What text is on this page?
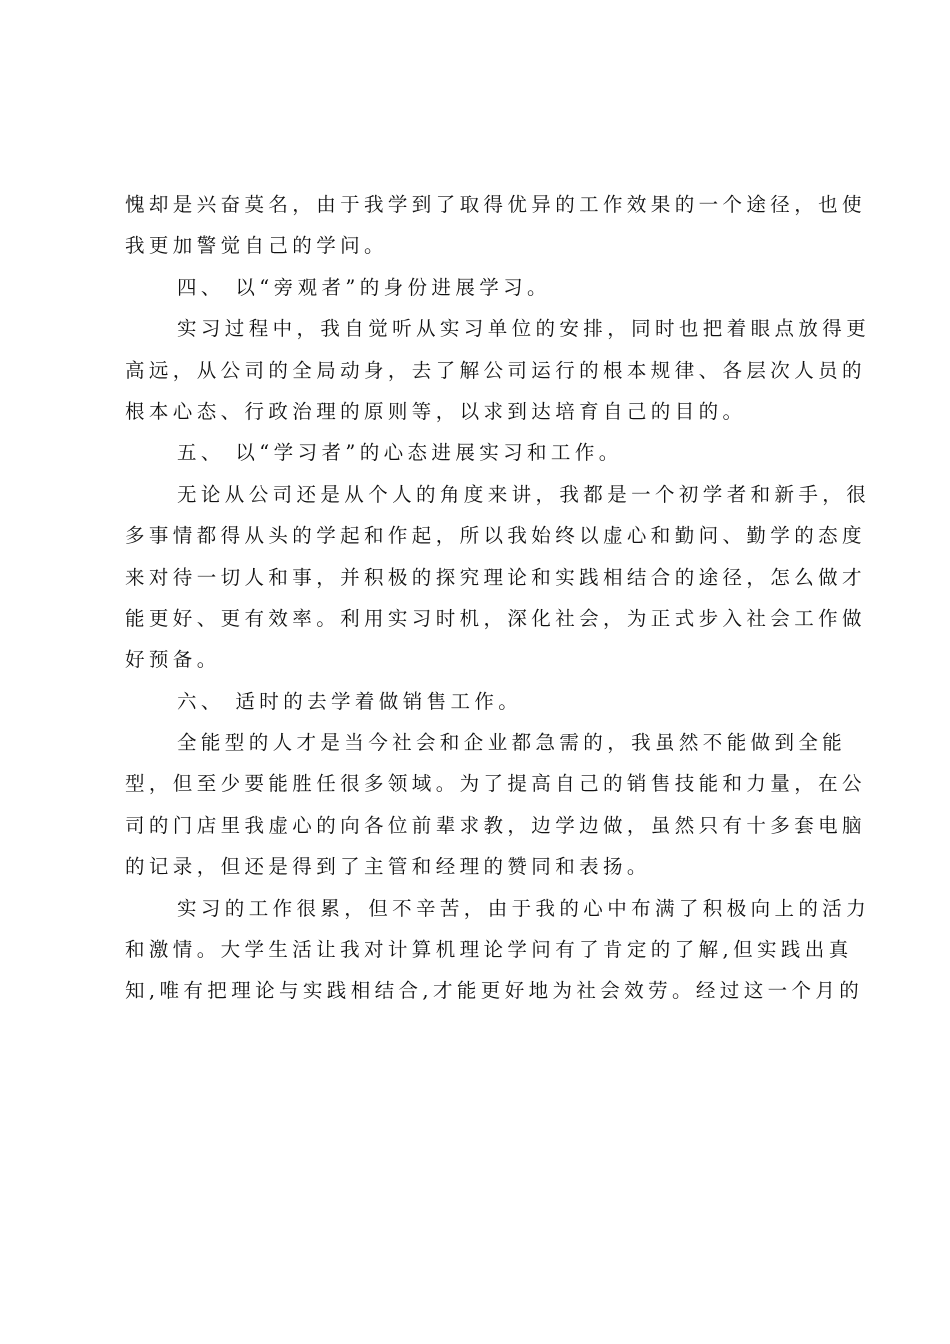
愧却是兴奋莫名，由于我学到了取得优异的工作效果的一个途径，也使
我更加警觉自己的学问。
四、 以“旁观者”的身份进展学习。
实习过程中，我自觉听从实习单位的安排，同时也把着眼点放得更
高远，从公司的全局动身，去了解公司运行的根本规律、各层次人员的
根本心态、行政治理的原则等，以求到达培育自己的目的。
五、 以“学习者”的心态进展实习和工作。
无论从公司还是从个人的角度来讲，我都是一个初学者和新手，很
多事情都得从头的学起和作起，所以我始终以虚心和勤问、勤学的态度
来对待一切人和事，并积极的探究理论和实践相结合的途径，怎么做才
能更好、更有效率。利用实习时机，深化社会，为正式步入社会工作做
好预备。
六、 适时的去学着做销售工作。
全能型的人才是当今社会和企业都急需的，我虽然不能做到全能
型，但至少要能胜任很多领域。为了提高自己的销售技能和力量，在公
司的门店里我虚心的向各位前辈求教，边学边做，虽然只有十多套电脑
的记录，但还是得到了主管和经理的赞同和表扬。
实习的工作很累，但不辛苦，由于我的心中布满了积极向上的活力
和激情。大学生活让我对计算机理论学问有了肯定的了解,但实践出真
知,唯有把理论与实践相结合,才能更好地为社会效劳。经过这一个月的
